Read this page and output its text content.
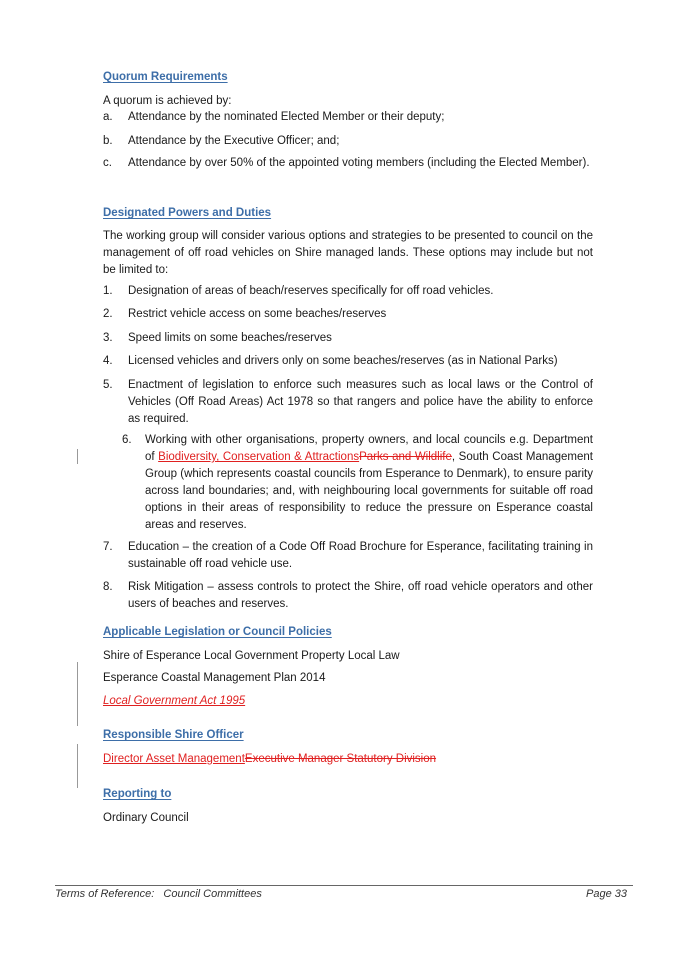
Quorum Requirements
A quorum is achieved by:
a. Attendance by the nominated Elected Member or their deputy;
b. Attendance by the Executive Officer; and;
c. Attendance by over 50% of the appointed voting members (including the Elected Member).
Designated Powers and Duties
The working group will consider various options and strategies to be presented to council on the management of off road vehicles on Shire managed lands. These options may include but not be limited to:
1. Designation of areas of beach/reserves specifically for off road vehicles.
2. Restrict vehicle access on some beaches/reserves
3. Speed limits on some beaches/reserves
4. Licensed vehicles and drivers only on some beaches/reserves (as in National Parks)
5. Enactment of legislation to enforce such measures such as local laws or the Control of Vehicles (Off Road Areas) Act 1978 so that rangers and police have the ability to enforce as required.
6. Working with other organisations, property owners, and local councils e.g. Department of Biodiversity, Conservation & AttractionsParks and Wildlife, South Coast Management Group (which represents coastal councils from Esperance to Denmark), to ensure parity across land boundaries; and, with neighbouring local governments for suitable off road options in their areas of responsibility to reduce the pressure on Esperance coastal areas and reserves.
7. Education – the creation of a Code Off Road Brochure for Esperance, facilitating training in sustainable off road vehicle use.
8. Risk Mitigation – assess controls to protect the Shire, off road vehicle operators and other users of beaches and reserves.
Applicable Legislation or Council Policies
Shire of Esperance Local Government Property Local Law
Esperance Coastal Management Plan 2014
Local Government Act 1995
Responsible Shire Officer
Director Asset ManagementExecutive Manager Statutory Division
Reporting to
Ordinary Council
Terms of Reference:   Council Committees	Page 33
